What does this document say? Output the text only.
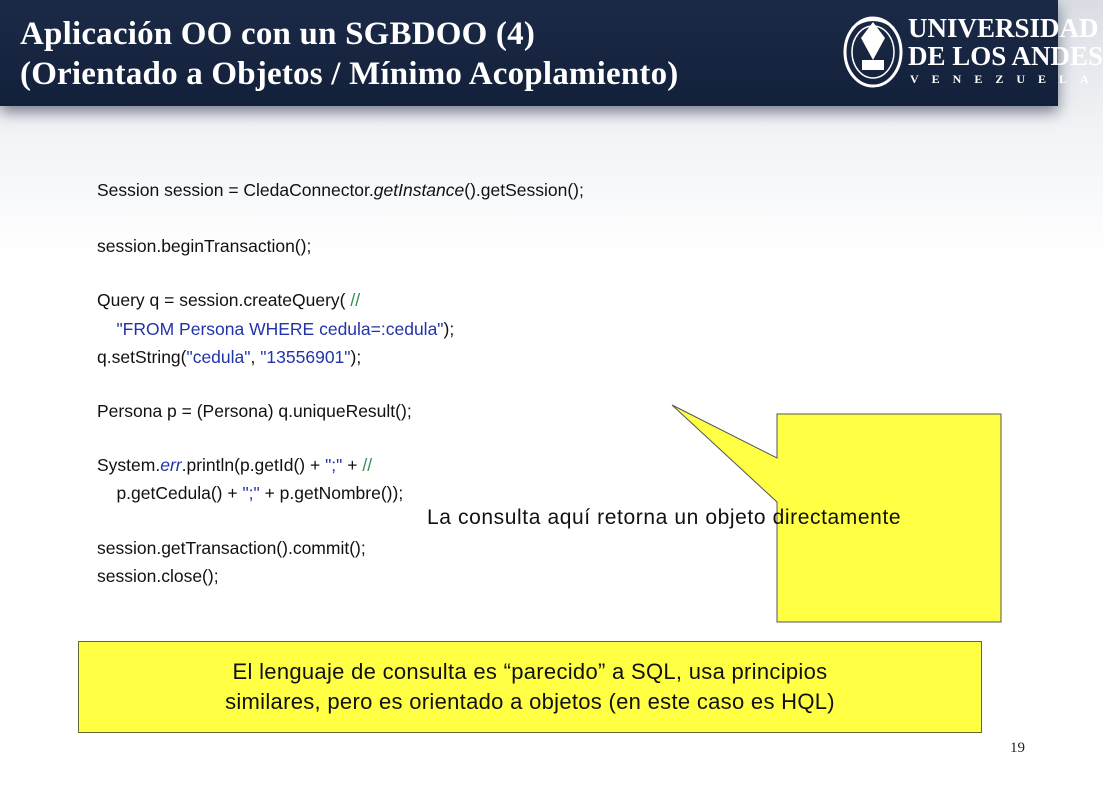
Aplicación OO con un SGBDOO (4)
(Orientado a Objetos / Mínimo Acoplamiento)
UNIVERSIDAD
DE LOS ANDES
VENEZUELA
Session session = CledaConnector.getInstance().getSession();
session.beginTransaction();
Query q = session.createQuery( //
"FROM Persona WHERE cedula=:cedula");
q.setString("cedula", "13556901");
Persona p = (Persona) q.uniqueResult();
System.err.println(p.getId() + ";" + //
p.getCedula() + ";" + p.getNombre());
session.getTransaction().commit();
session.close();
La consulta aquí retorna un objeto directamente
El lenguaje de consulta es “parecido” a SQL, usa principios
similares, pero es orientado a objetos (en este caso es HQL)
19
